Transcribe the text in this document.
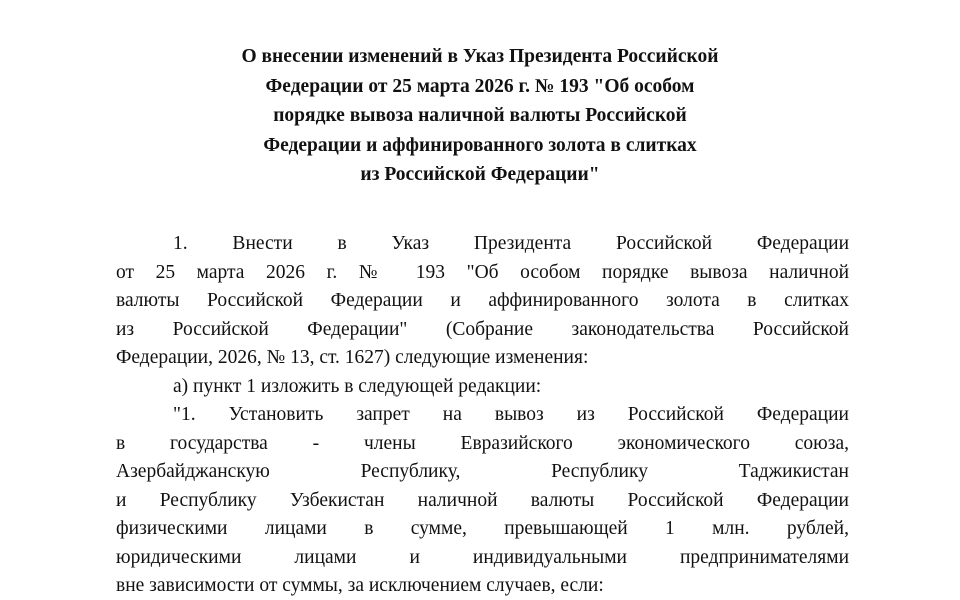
О внесении изменений в Указ Президента Российской
Федерации от 25 марта 2026 г. № 193 "Об особом
порядке вывоза наличной валюты Российской
Федерации и аффинированного золота в слитках
из Российской Федерации"
1. Внести в Указ Президента Российской Федерации
от 25 марта 2026 г. № 193 "Об особом порядке вывоза наличной
валюты Российской Федерации и аффинированного золота в слитках
из Российской Федерации" (Собрание законодательства Российской
Федерации, 2026, № 13, ст. 1627) следующие изменения:
а) пункт 1 изложить в следующей редакции:
"1. Установить запрет на вывоз из Российской Федерации
в государства - члены Евразийского экономического союза,
Азербайджанскую Республику, Республику Таджикистан
и Республику Узбекистан наличной валюты Российской Федерации
физическими лицами в сумме, превышающей 1 млн. рублей,
юридическими лицами и индивидуальными предпринимателями
вне зависимости от суммы, за исключением случаев, если:
